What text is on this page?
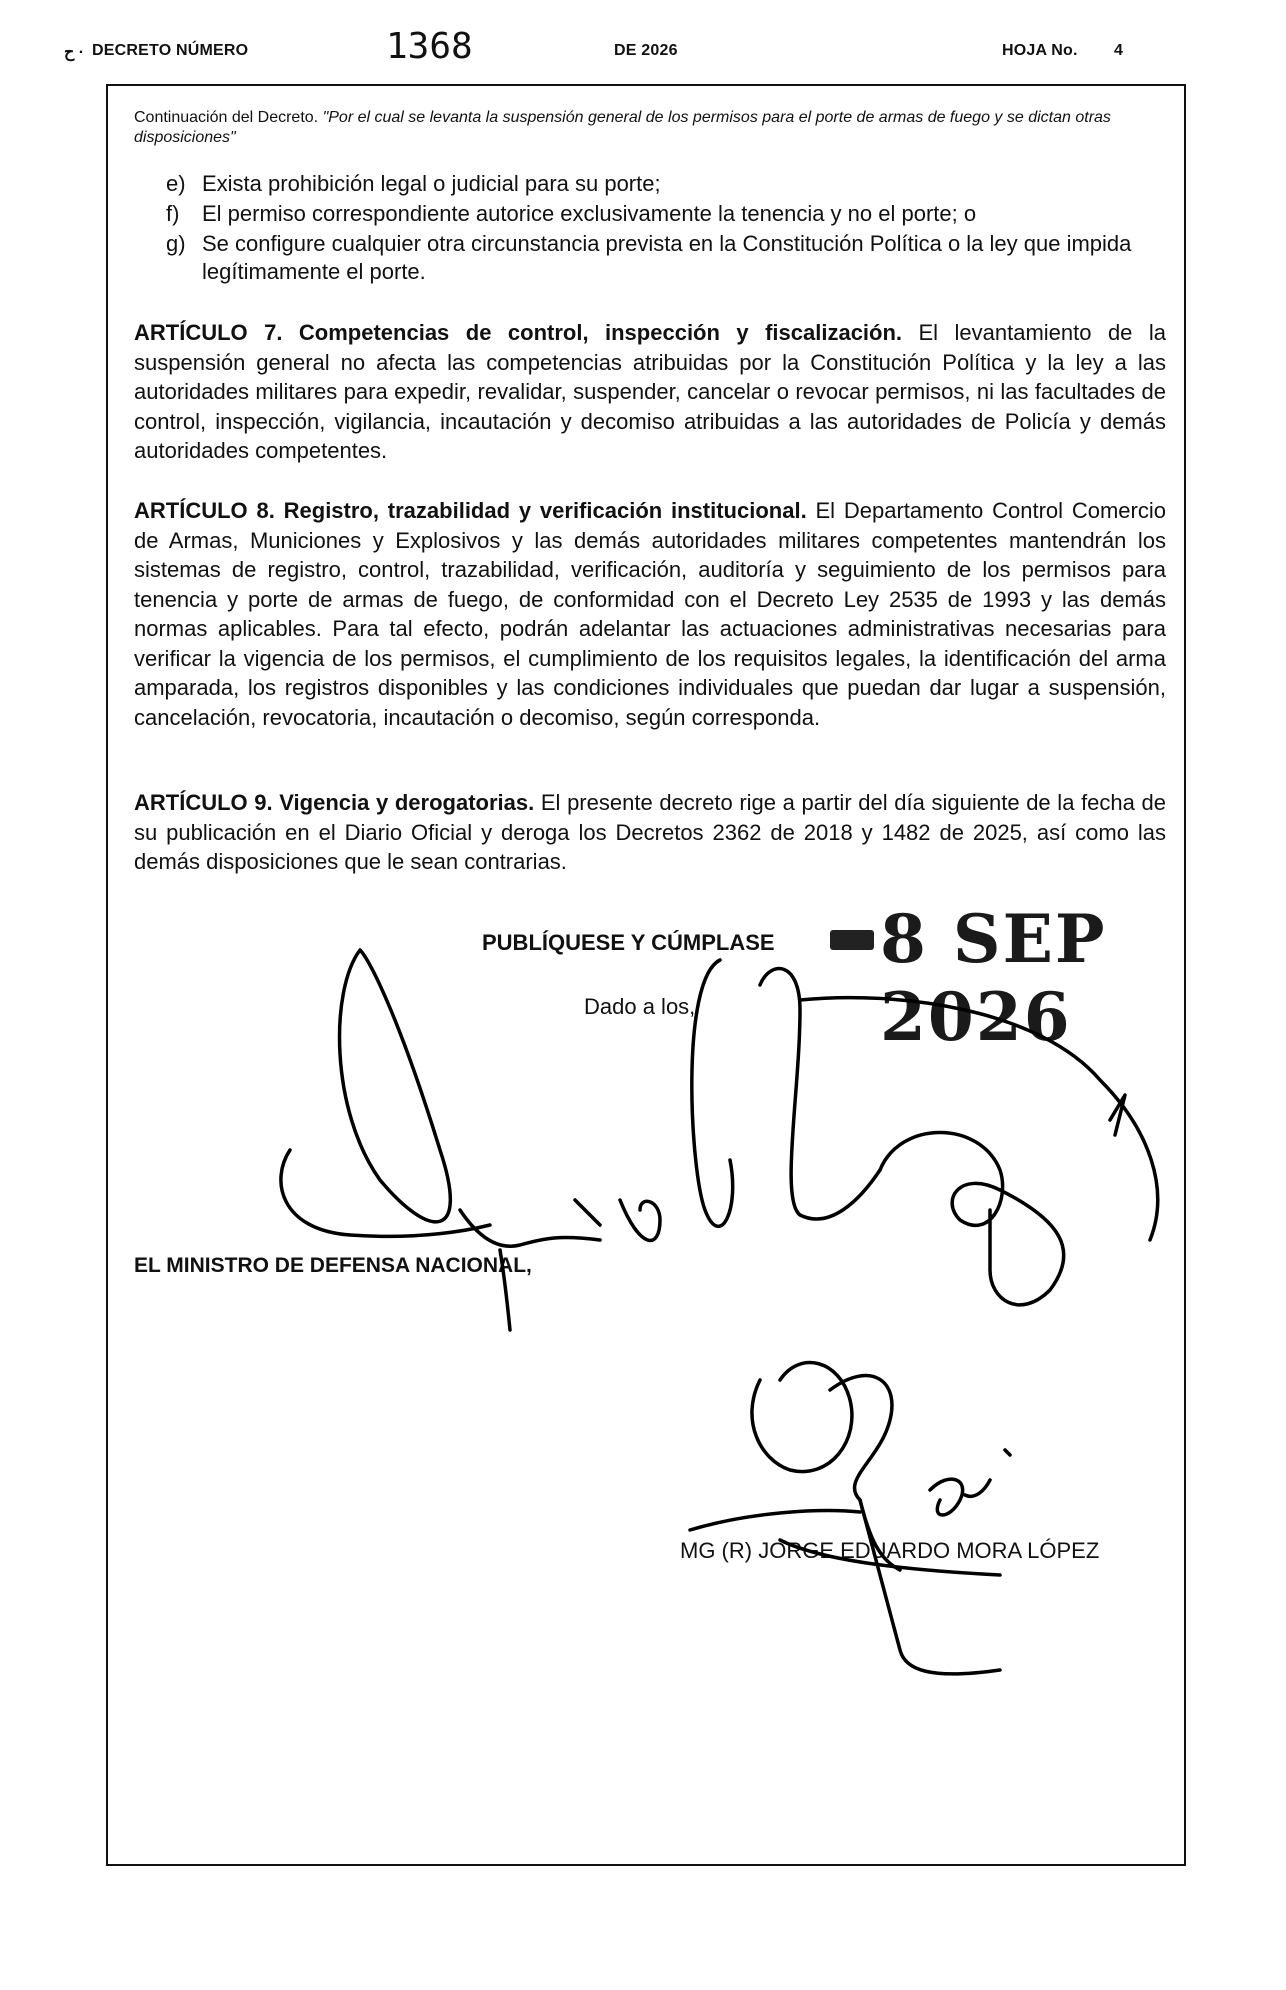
ح · DECRETO NÚMERO	1368	DE 2026	HOJA No. 4
Continuación del Decreto. "Por el cual se levanta la suspensión general de los permisos para el porte de armas de fuego y se dictan otras disposiciones"
e) Exista prohibición legal o judicial para su porte;
f) El permiso correspondiente autorice exclusivamente la tenencia y no el porte; o
g) Se configure cualquier otra circunstancia prevista en la Constitución Política o la ley que impida legítimamente el porte.
ARTÍCULO 7. Competencias de control, inspección y fiscalización. El levantamiento de la suspensión general no afecta las competencias atribuidas por la Constitución Política y la ley a las autoridades militares para expedir, revalidar, suspender, cancelar o revocar permisos, ni las facultades de control, inspección, vigilancia, incautación y decomiso atribuidas a las autoridades de Policía y demás autoridades competentes.
ARTÍCULO 8. Registro, trazabilidad y verificación institucional. El Departamento Control Comercio de Armas, Municiones y Explosivos y las demás autoridades militares competentes mantendrán los sistemas de registro, control, trazabilidad, verificación, auditoría y seguimiento de los permisos para tenencia y porte de armas de fuego, de conformidad con el Decreto Ley 2535 de 1993 y las demás normas aplicables. Para tal efecto, podrán adelantar las actuaciones administrativas necesarias para verificar la vigencia de los permisos, el cumplimiento de los requisitos legales, la identificación del arma amparada, los registros disponibles y las condiciones individuales que puedan dar lugar a suspensión, cancelación, revocatoria, incautación o decomiso, según corresponda.
ARTÍCULO 9. Vigencia y derogatorias. El presente decreto rige a partir del día siguiente de la fecha de su publicación en el Diario Oficial y deroga los Decretos 2362 de 2018 y 1482 de 2025, así como las demás disposiciones que le sean contrarias.
PUBLÍQUESE Y CÚMPLASE 8 SEP 2026
Dado a los,
EL MINISTRO DE DEFENSA NACIONAL,
MG (R) JORGE EDUARDO MORA LÓPEZ
